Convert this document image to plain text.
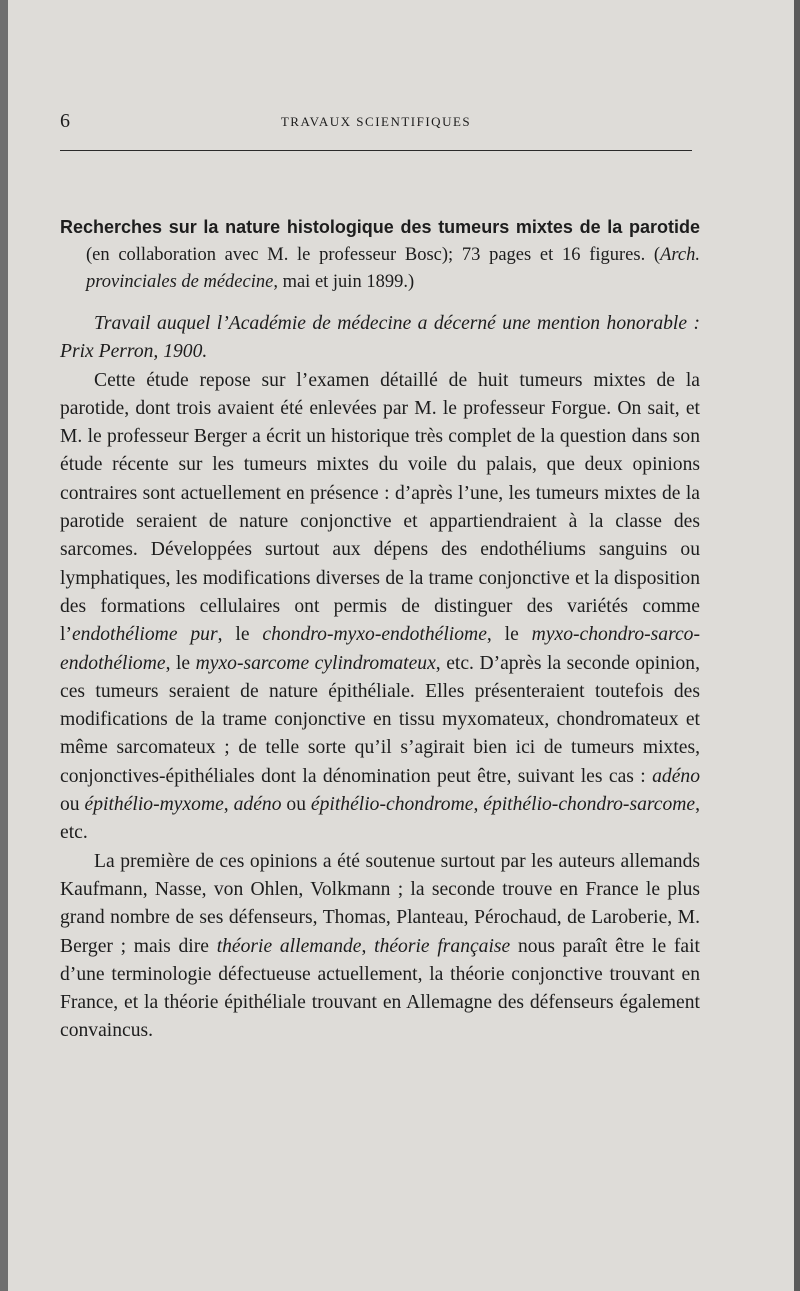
6	TRAVAUX SCIENTIFIQUES

Recherches sur la nature histologique des tumeurs mixtes de la parotide (en collaboration avec M. le professeur Bosc); 73 pages et 16 figures. (Arch. provinciales de médecine, mai et juin 1899.)

Travail auquel l’Académie de médecine a décerné une mention honorable : Prix Perron, 1900.

Cette étude repose sur l’examen détaillé de huit tumeurs mixtes de la parotide, dont trois avaient été enlevées par M. le professeur Forgue. On sait, et M. le professeur Berger a écrit un historique très complet de la question dans son étude récente sur les tumeurs mixtes du voile du palais, que deux opinions contraires sont actuellement en présence : d’après l’une, les tumeurs mixtes de la parotide seraient de nature conjonctive et appartiendraient à la classe des sarcomes. Développées surtout aux dépens des endothéliums sanguins ou lymphatiques, les modifications diverses de la trame conjonctive et la disposition des formations cellulaires ont permis de distinguer des variétés comme l’endothéliome pur, le chondro-myxo-endothéliome, le myxo-chondro-sarco-endothéliome, le myxo-sarcome cylindromateux, etc. D’après la seconde opinion, ces tumeurs seraient de nature épithéliale. Elles présenteraient toutefois des modifications de la trame conjonctive en tissu myxomateux, chondromateux et même sarcomateux ; de telle sorte qu’il s’agirait bien ici de tumeurs mixtes, conjonctives-épithéliales dont la dénomination peut être, suivant les cas : adéno ou épithélio-myxome, adéno ou épithélio-chondrome, épithélio-chondro-sarcome, etc.

La première de ces opinions a été soutenue surtout par les auteurs allemands Kaufmann, Nasse, von Ohlen, Volkmann ; la seconde trouve en France le plus grand nombre de ses défenseurs, Thomas, Planteau, Pérochaud, de Laroberie, M. Berger ; mais dire théorie allemande, théorie française nous paraît être le fait d’une terminologie défectueuse actuellement, la théorie conjonctive trouvant en France, et la théorie épithéliale trouvant en Allemagne des défenseurs également convaincus.
